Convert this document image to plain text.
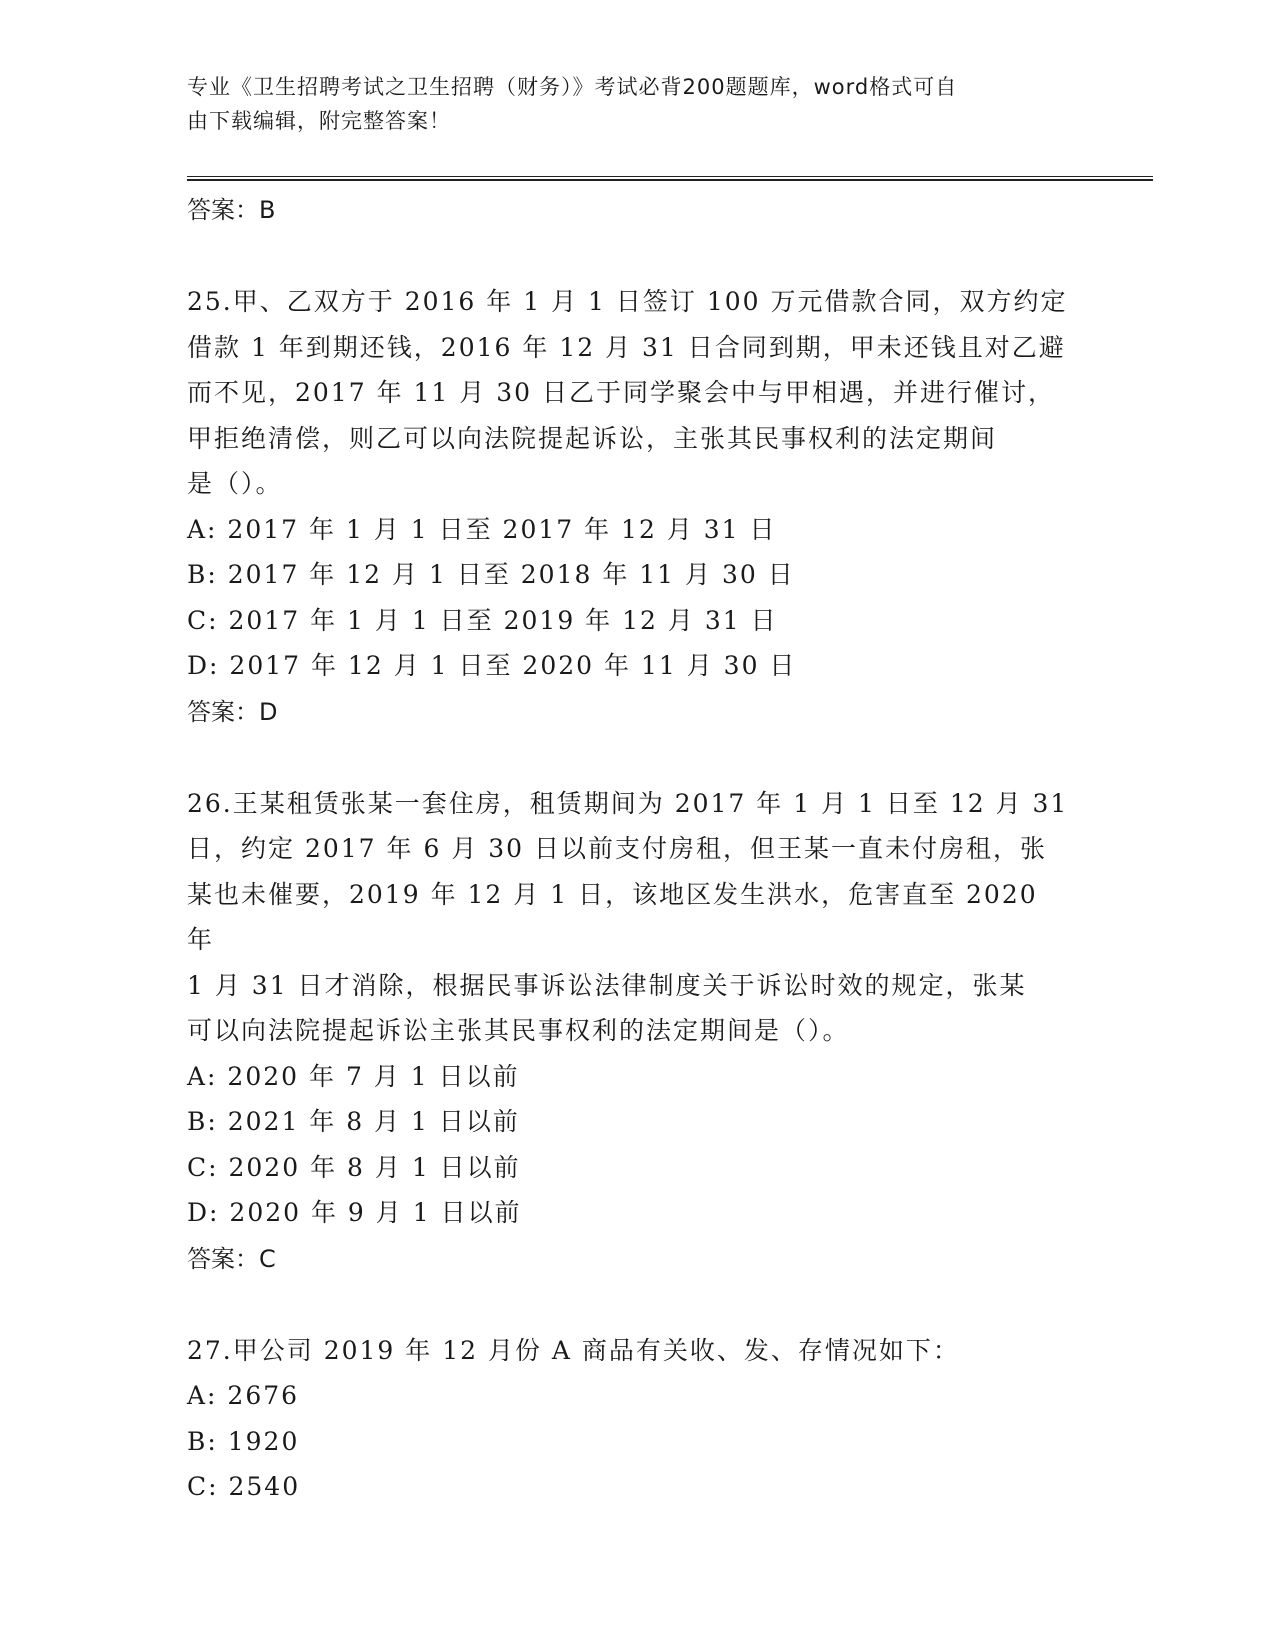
专业《卫生招聘考试之卫生招聘（财务）》考试必背200题题库，word格式可自
由下载编辑，附完整答案！
答案：B
25.甲、乙双方于 2016 年 1 月 1 日签订 100 万元借款合同，双方约定
借款 1 年到期还钱，2016 年 12 月 31 日合同到期，甲未还钱且对乙避
而不见，2017 年 11 月 30 日乙于同学聚会中与甲相遇，并进行催讨，
甲拒绝清偿，则乙可以向法院提起诉讼，主张其民事权利的法定期间
是（）。
A: 2017 年 1 月 1 日至 2017 年 12 月 31 日
B: 2017 年 12 月 1 日至 2018 年 11 月 30 日
C: 2017 年 1 月 1 日至 2019 年 12 月 31 日
D: 2017 年 12 月 1 日至 2020 年 11 月 30 日
答案：D
26.王某租赁张某一套住房，租赁期间为 2017 年 1 月 1 日至 12 月 31
日，约定 2017 年 6 月 30 日以前支付房租，但王某一直未付房租，张
某也未催要，2019 年 12 月 1 日，该地区发生洪水，危害直至 2020 年
1 月 31 日才消除，根据民事诉讼法律制度关于诉讼时效的规定，张某
可以向法院提起诉讼主张其民事权利的法定期间是（）。
A: 2020 年 7 月 1 日以前
B: 2021 年 8 月 1 日以前
C: 2020 年 8 月 1 日以前
D: 2020 年 9 月 1 日以前
答案：C
27.甲公司 2019 年 12 月份 A 商品有关收、发、存情况如下：
A: 2676
B: 1920
C: 2540
